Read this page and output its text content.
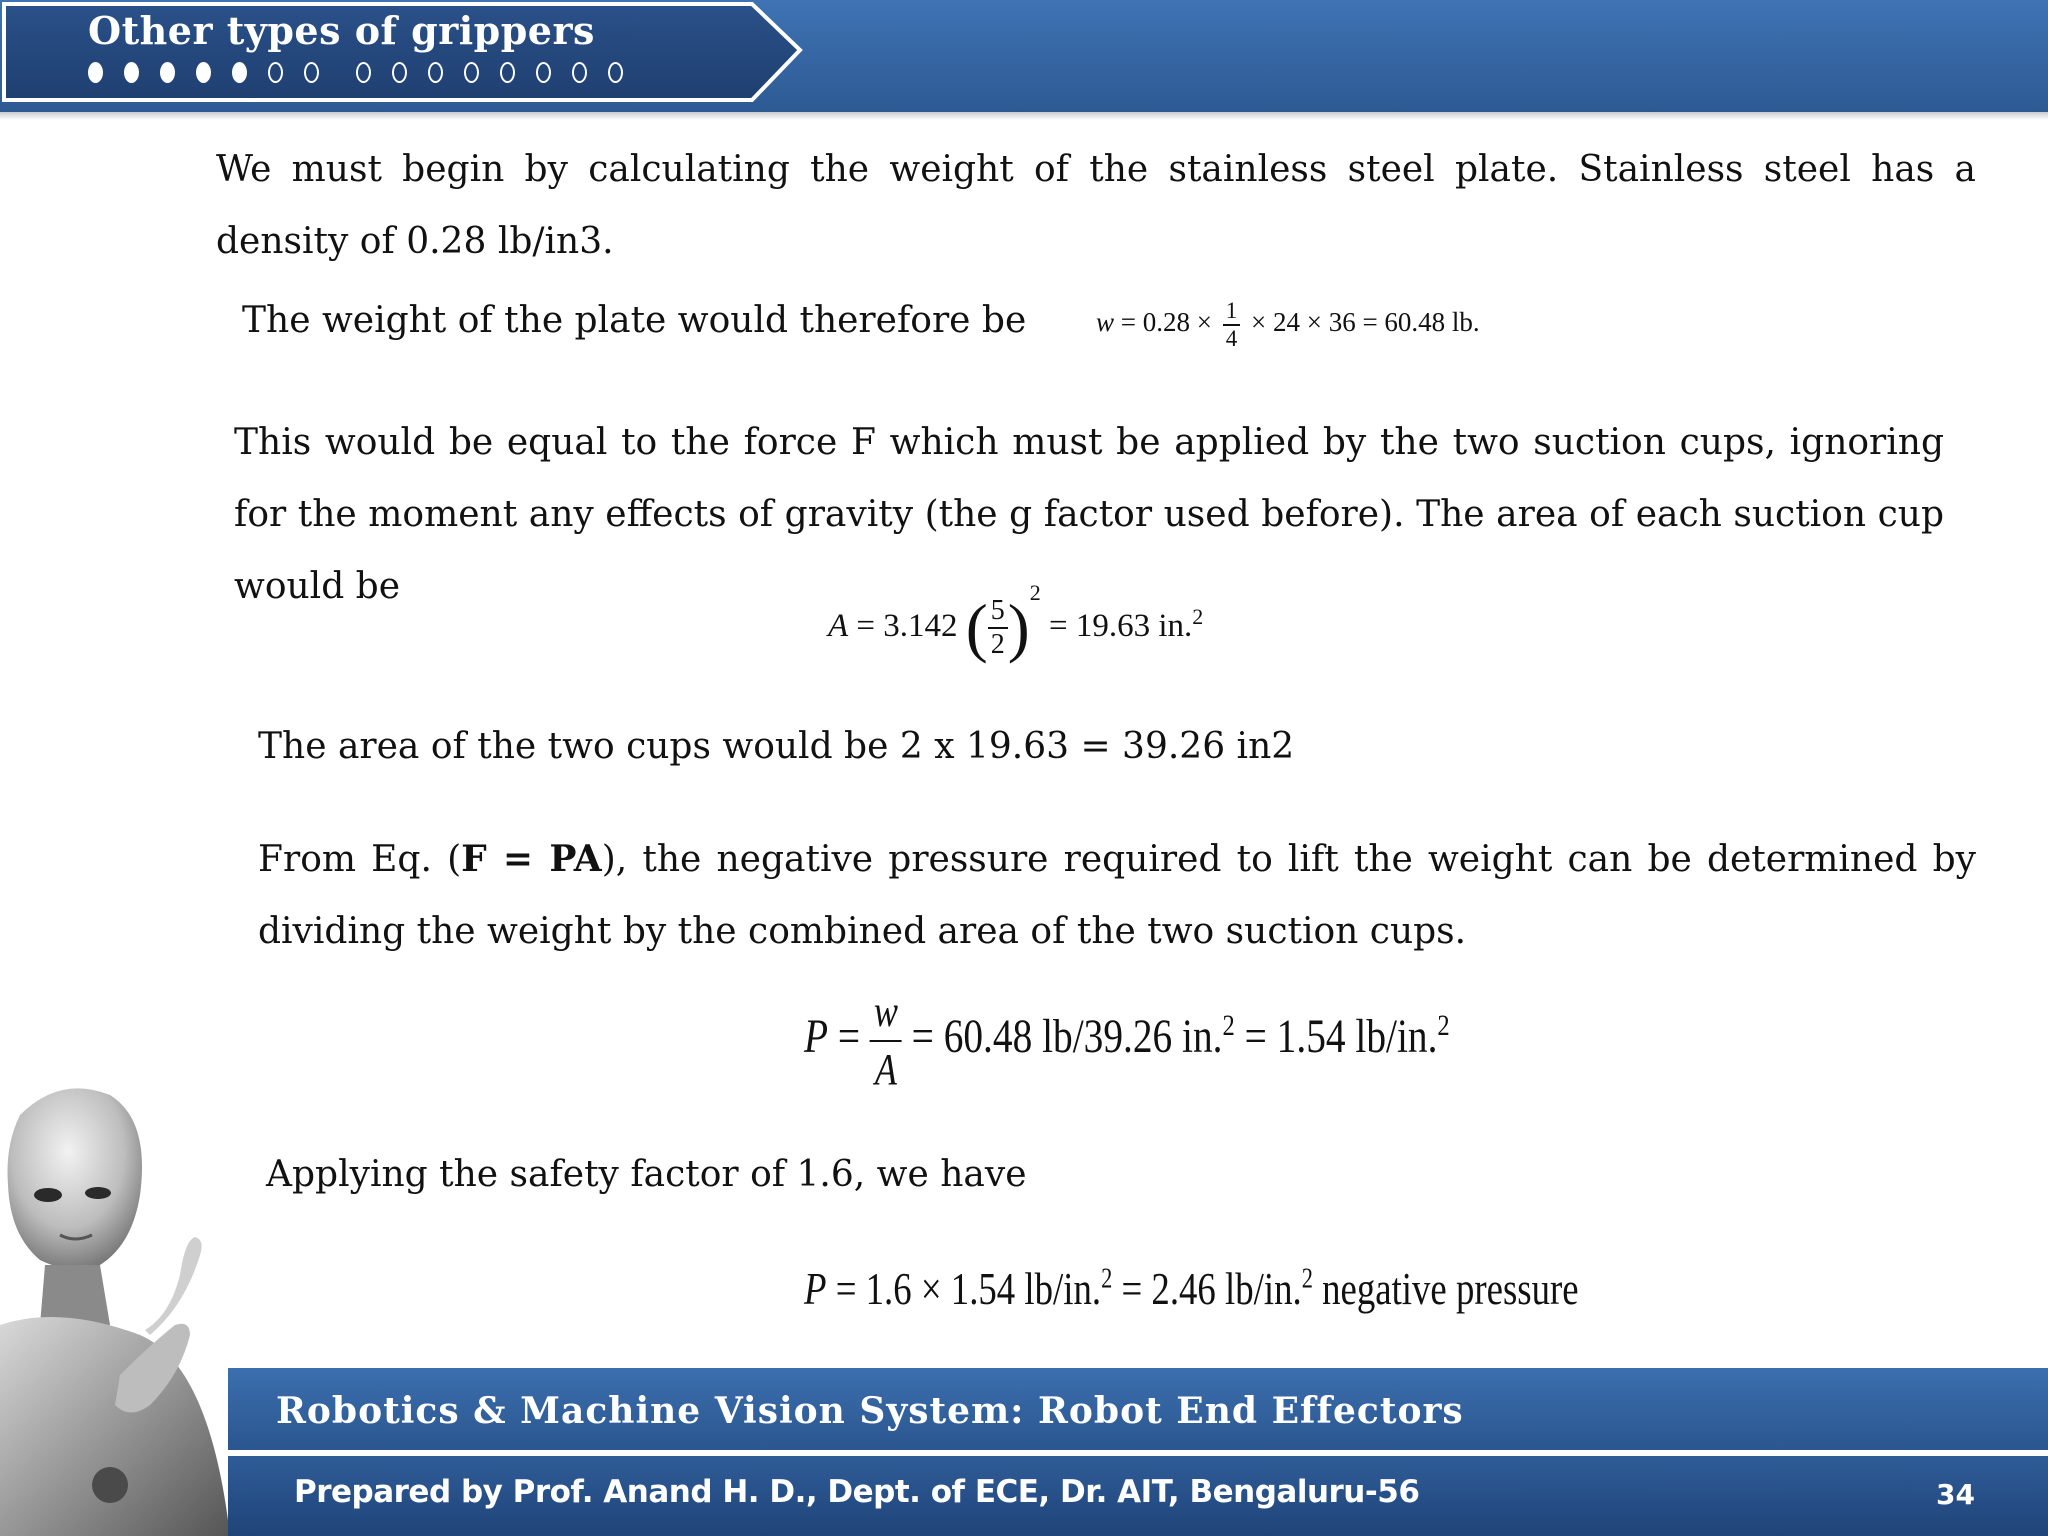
Other types of grippers

We must begin by calculating the weight of the stainless steel plate. Stainless steel has a density of 0.28 lb/in3.

The weight of the plate would therefore be	$w = 0.28 \times \frac{1}{4} \times 24 \times 36 = 60.48$ lb.

This would be equal to the force F which must be applied by the two suction cups, ignoring for the moment any effects of gravity (the g factor used before). The area of each suction cup would be

A = 3.142 ( $\frac{5}{2} )^2 = 19.63$ in.$^2$

The area of the two cups would be 2 x 19.63 = 39.26 in2

From Eq. (F = PA), the negative pressure required to lift the weight can be determined by dividing the weight by the combined area of the two suction cups.

$P = \frac{w}{A} = 60.48$ lb/39.26 in.$^2$ = 1.54 lb/in.$^2$

Applying the safety factor of 1.6, we have

P = 1.6 × 1.54 lb/in.$^2$ = 2.46 lb/in.$^2$ negative pressure
Robotics & Machine Vision System: Robot End Effectors
Prepared by Prof. Anand H. D., Dept. of ECE, Dr. AIT, Bengaluru-56	34
